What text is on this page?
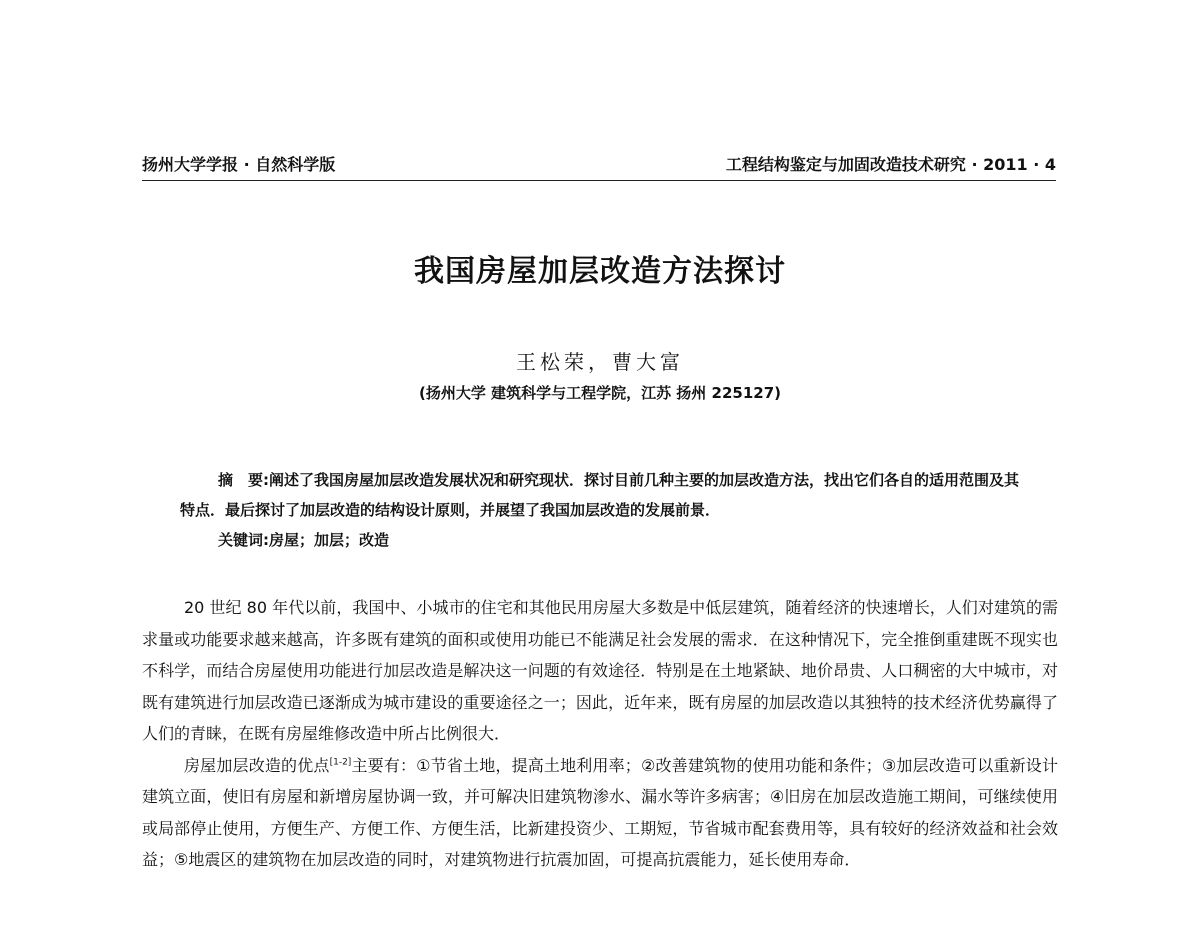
扬州大学学报 · 自然科学版	工程结构鉴定与加固改造技术研究 · 2011 · 4
我国房屋加层改造方法探讨
王松荣，曹大富
(扬州大学 建筑科学与工程学院，江苏 扬州 225127)

摘　要:阐述了我国房屋加层改造发展状况和研究现状．探讨目前几种主要的加层改造方法，找出它们各自的适用范围及其特点．最后探讨了加层改造的结构设计原则，并展望了我国加层改造的发展前景．

关键词:房屋；加层；改造

20 世纪 80 年代以前，我国中、小城市的住宅和其他民用房屋大多数是中低层建筑，随着经济的快速增长，人们对建筑的需求量或功能要求越来越高，许多既有建筑的面积或使用功能已不能满足社会发展的需求．在这种情况下，完全推倒重建既不现实也不科学，而结合房屋使用功能进行加层改造是解决这一问题的有效途径．特别是在土地紧缺、地价昂贵、人口稠密的大中城市，对既有建筑进行加层改造已逐渐成为城市建设的重要途径之一；因此，近年来，既有房屋的加层改造以其独特的技术经济优势赢得了人们的青睐，在既有房屋维修改造中所占比例很大．

房屋加层改造的优点[1-2]主要有：①节省土地，提高土地利用率；②改善建筑物的使用功能和条件；③加层改造可以重新设计建筑立面，使旧有房屋和新增房屋协调一致，并可解决旧建筑物渗水、漏水等许多病害；④旧房在加层改造施工期间，可继续使用或局部停止使用，方便生产、方便工作、方便生活，比新建投资少、工期短，节省城市配套费用等，具有较好的经济效益和社会效益；⑤地震区的建筑物在加层改造的同时，对建筑物进行抗震加固，可提高抗震能力，延长使用寿命．
